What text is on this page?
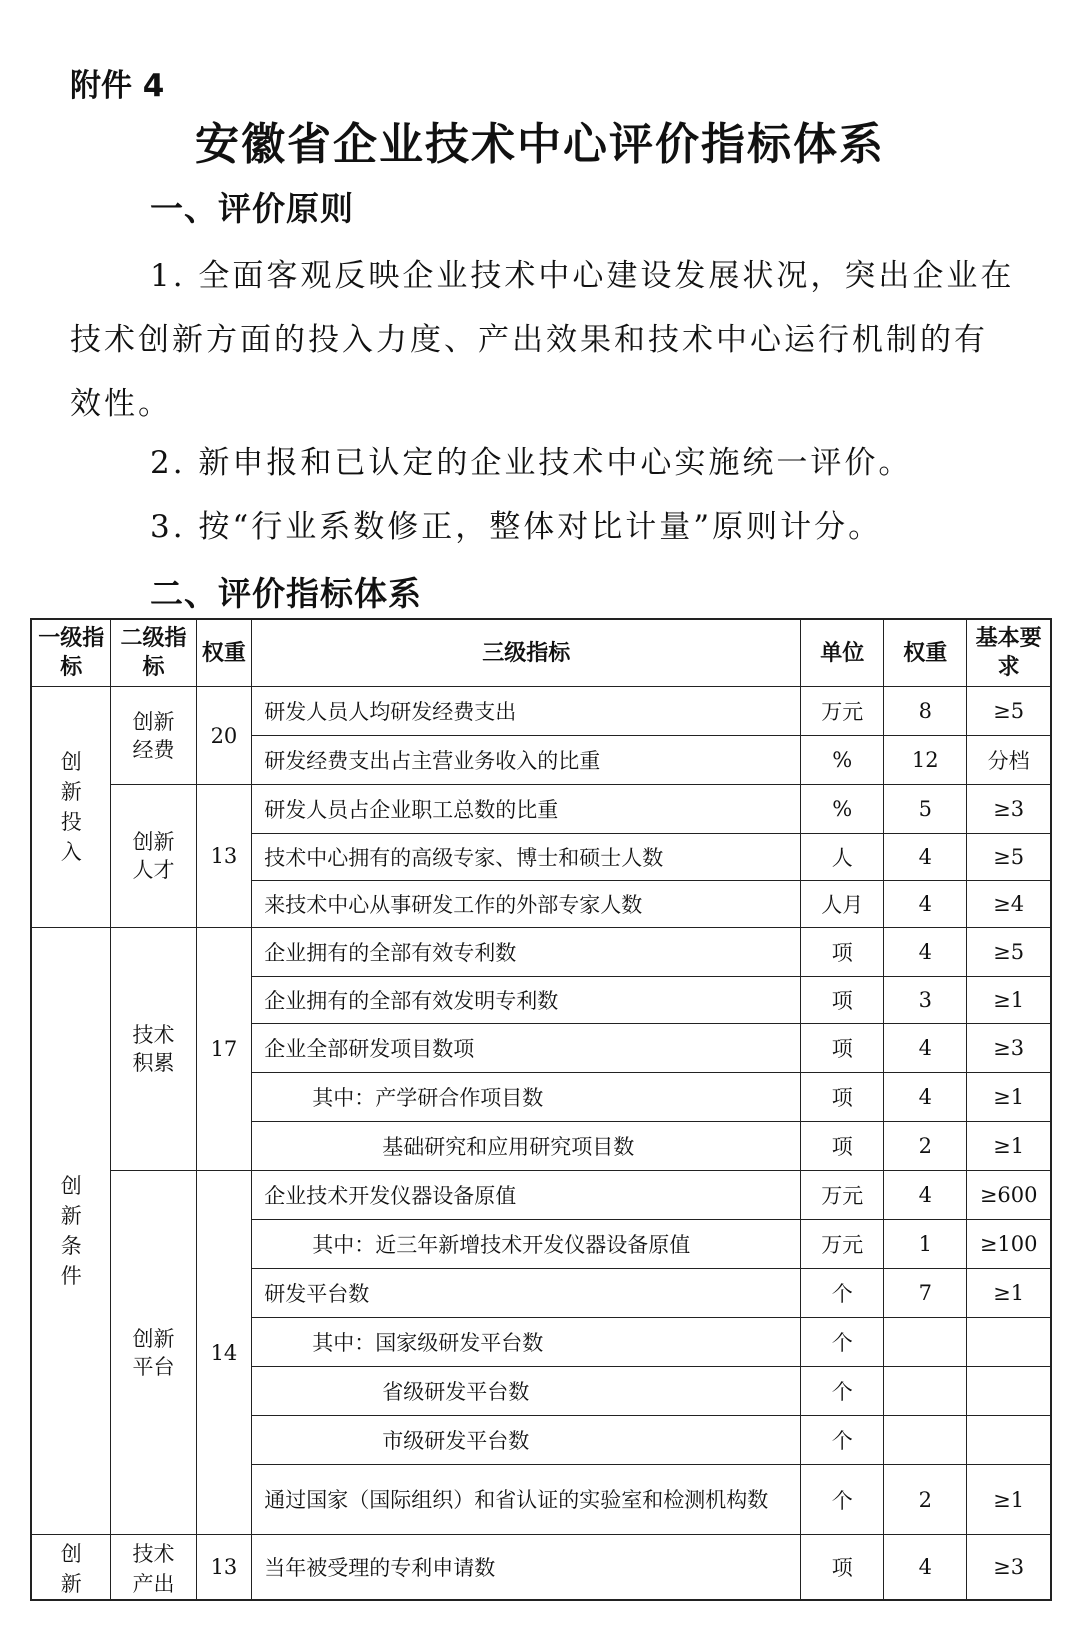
附件 4
安徽省企业技术中心评价指标体系
一、评价原则

1. 全面客观反映企业技术中心建设发展状况，突出企业在技术创新方面的投入力度、产出效果和技术中心运行机制的有效性。

2. 新申报和已认定的企业技术中心实施统一评价。

3. 按“行业系数修正，整体对比计量”原则计分。

二、评价指标体系
一级指标	二级指标	权重	三级指标	单位	权重	基本要求

创新投入	创新经费	20	研发人员人均研发经费支出	万元	8	≥5
			研发经费支出占主营业务收入的比重	%	12	分档

	创新人才	13	研发人员占企业职工总数的比重	%	5	≥3
			技术中心拥有的高级专家、博士和硕士人数	人	4	≥5
			来技术中心从事研发工作的外部专家人数	人月	4	≥4

创新条件	技术积累	17	企业拥有的全部有效专利数	项	4	≥5
			企业拥有的全部有效发明专利数	项	3	≥1
			企业全部研发项目数项	项	4	≥3
			其中：产学研合作项目数	项	4	≥1
			基础研究和应用研究项目数	项	2	≥1

	创新平台	14	企业技术开发仪器设备原值	万元	4	≥600
			其中：近三年新增技术开发仪器设备原值	万元	1	≥100
			研发平台数	个	7	≥1
			其中：国家级研发平台数	个		
			省级研发平台数	个		
			市级研发平台数	个		
			通过国家（国际组织）和省认证的实验室和检测机构数	个	2	≥1

创新	技术产出	13	当年被受理的专利申请数	项	4	≥3
